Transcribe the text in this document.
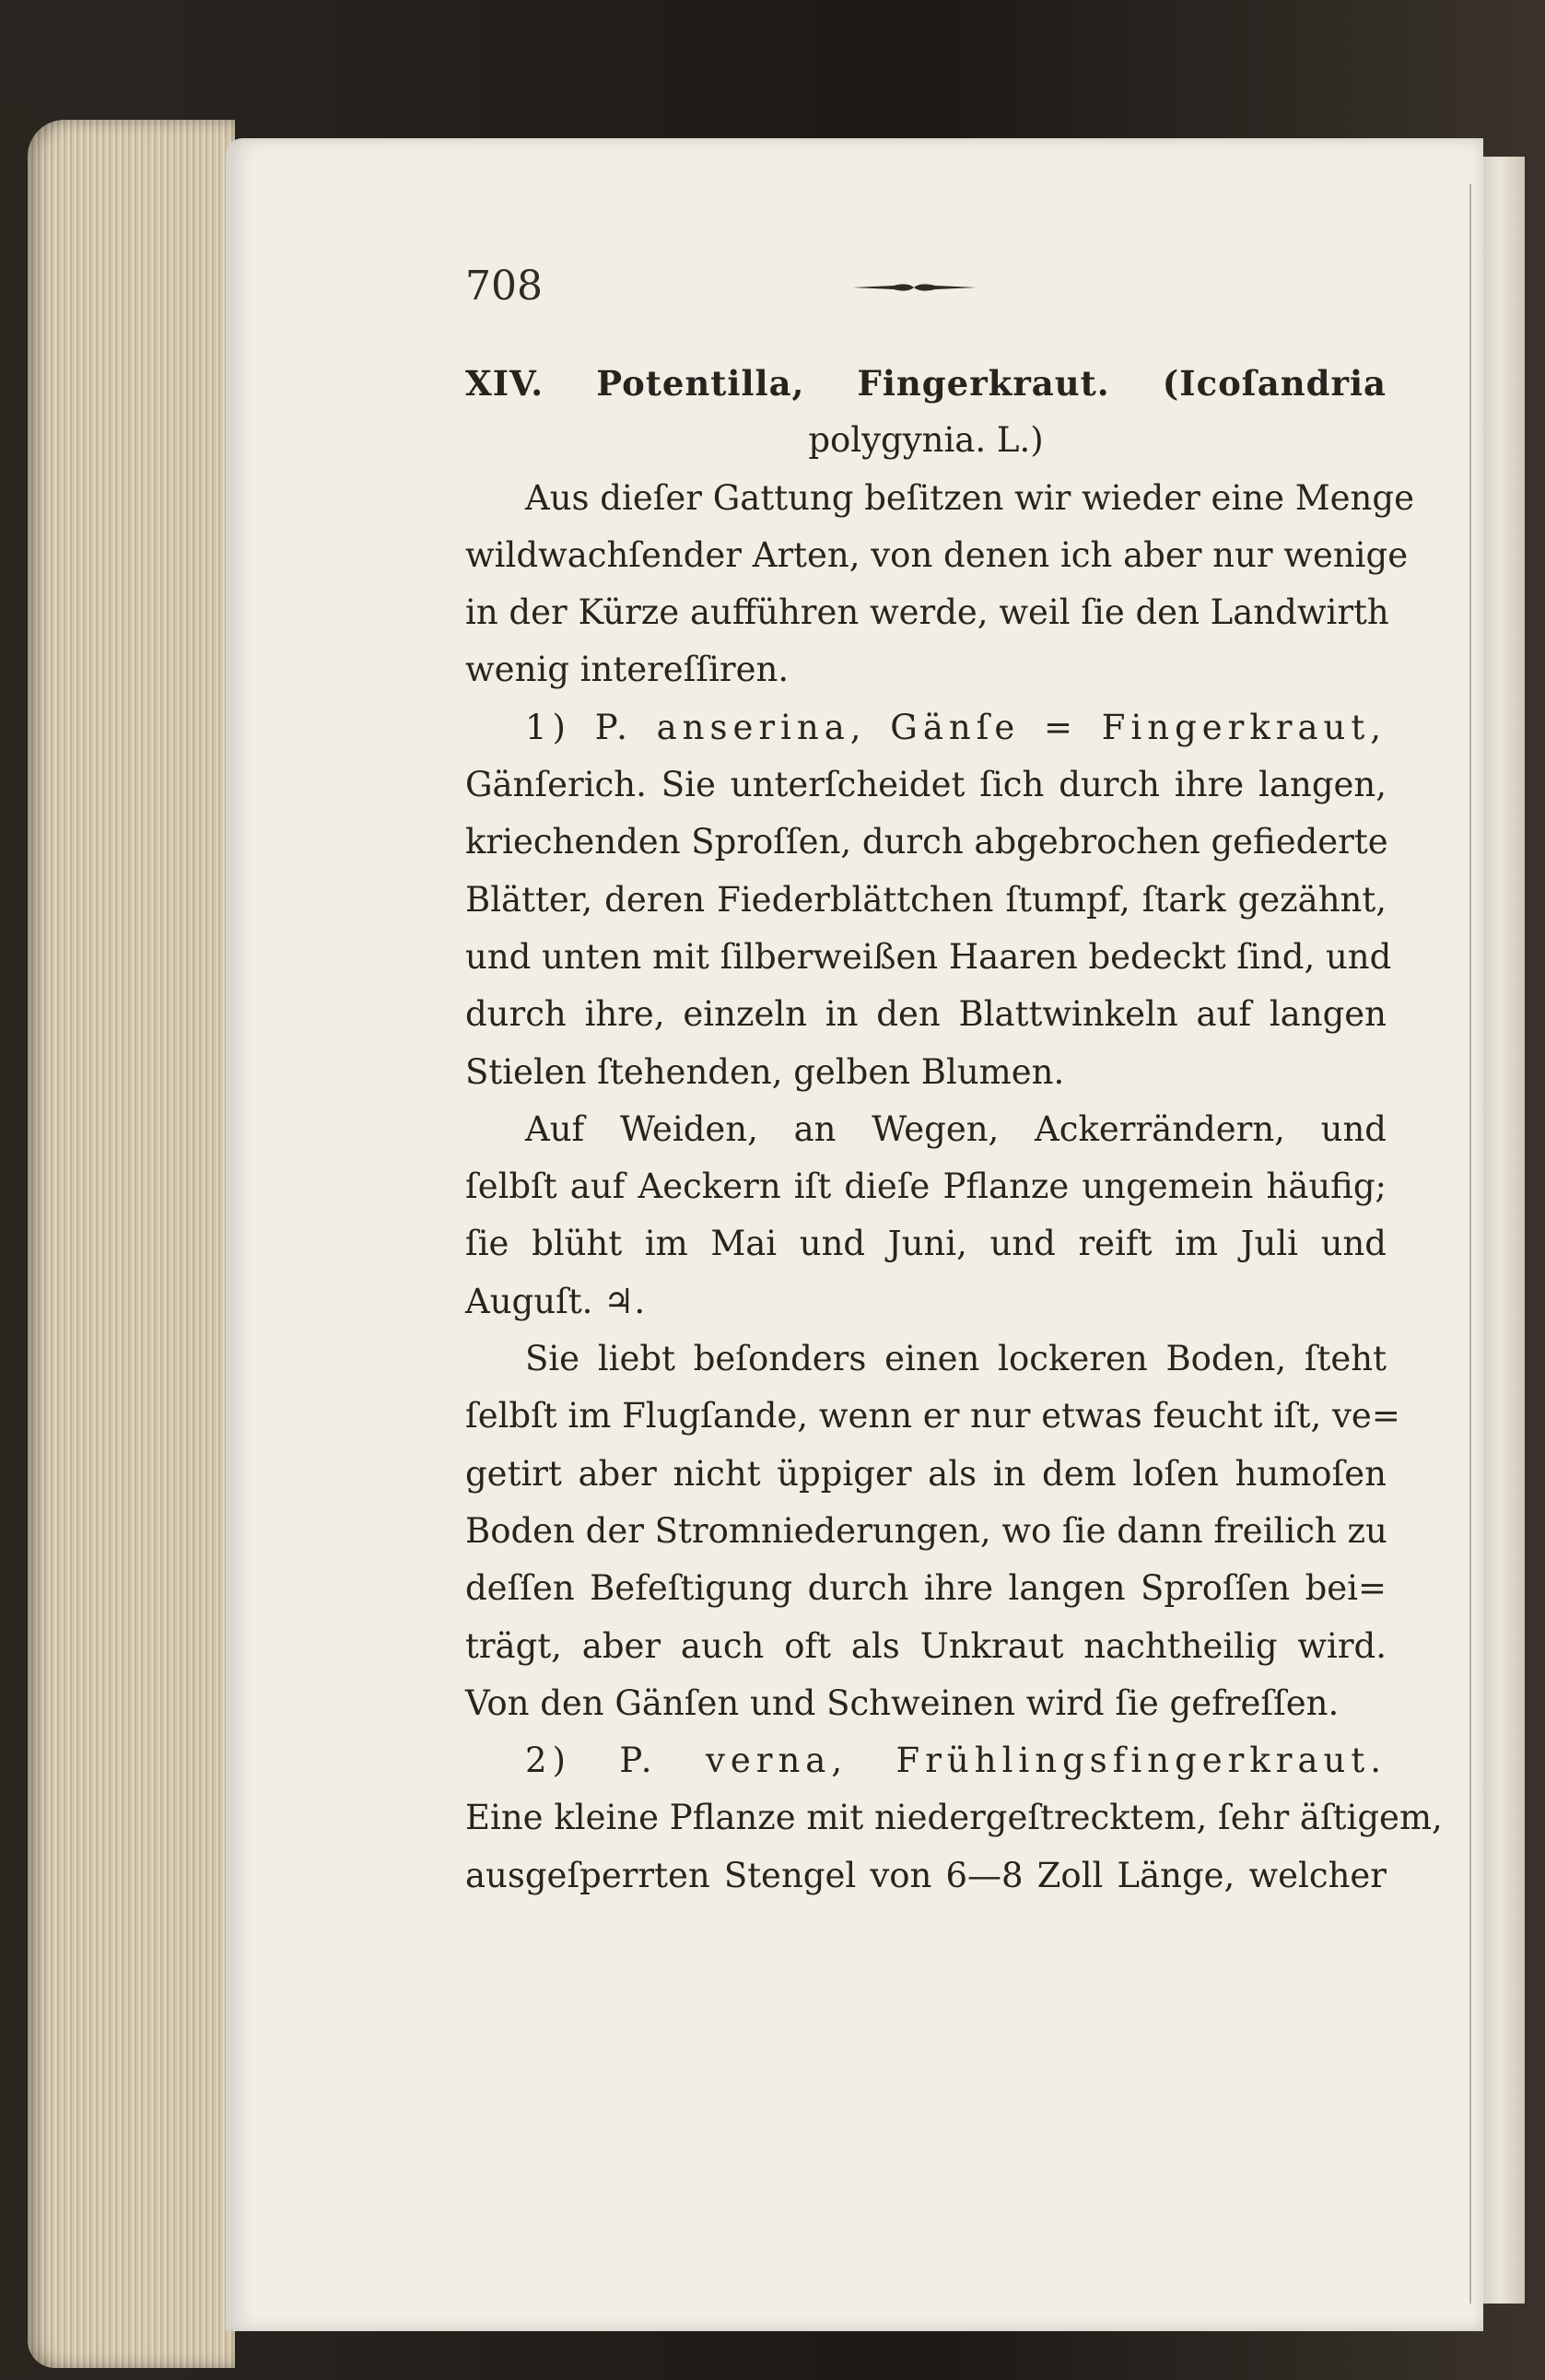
708
XIV. Potentilla, Fingerkraut. (Icoſandria
polygynia. L.)
Aus dieſer Gattung beſitzen wir wieder eine Menge
wildwachſender Arten, von denen ich aber nur wenige
in der Kürze aufführen werde, weil ſie den Landwirth
wenig intereſſiren.
1) P. anserina, Gänſe = Fingerkraut,
Gänſerich. Sie unterſcheidet ſich durch ihre langen,
kriechenden Sproſſen, durch abgebrochen gefiederte
Blätter, deren Fiederblättchen ſtumpf, ſtark gezähnt,
und unten mit ſilberweißen Haaren bedeckt ſind, und
durch ihre, einzeln in den Blattwinkeln auf langen
Stielen ſtehenden, gelben Blumen.
Auf Weiden, an Wegen, Ackerrändern, und
ſelbſt auf Aeckern iſt dieſe Pflanze ungemein häufig;
ſie blüht im Mai und Juni, und reift im Juli und
Auguſt. ♃.
Sie liebt beſonders einen lockeren Boden, ſteht
ſelbſt im Flugſande, wenn er nur etwas feucht iſt, ve=
getirt aber nicht üppiger als in dem loſen humoſen
Boden der Stromniederungen, wo ſie dann freilich zu
deſſen Befeſtigung durch ihre langen Sproſſen bei=
trägt, aber auch oft als Unkraut nachtheilig wird.
Von den Gänſen und Schweinen wird ſie gefreſſen.
2) P. verna, Frühlingsfingerkraut.
Eine kleine Pflanze mit niedergeſtrecktem, ſehr äſtigem,
ausgeſperrten Stengel von 6—8 Zoll Länge, welcher
